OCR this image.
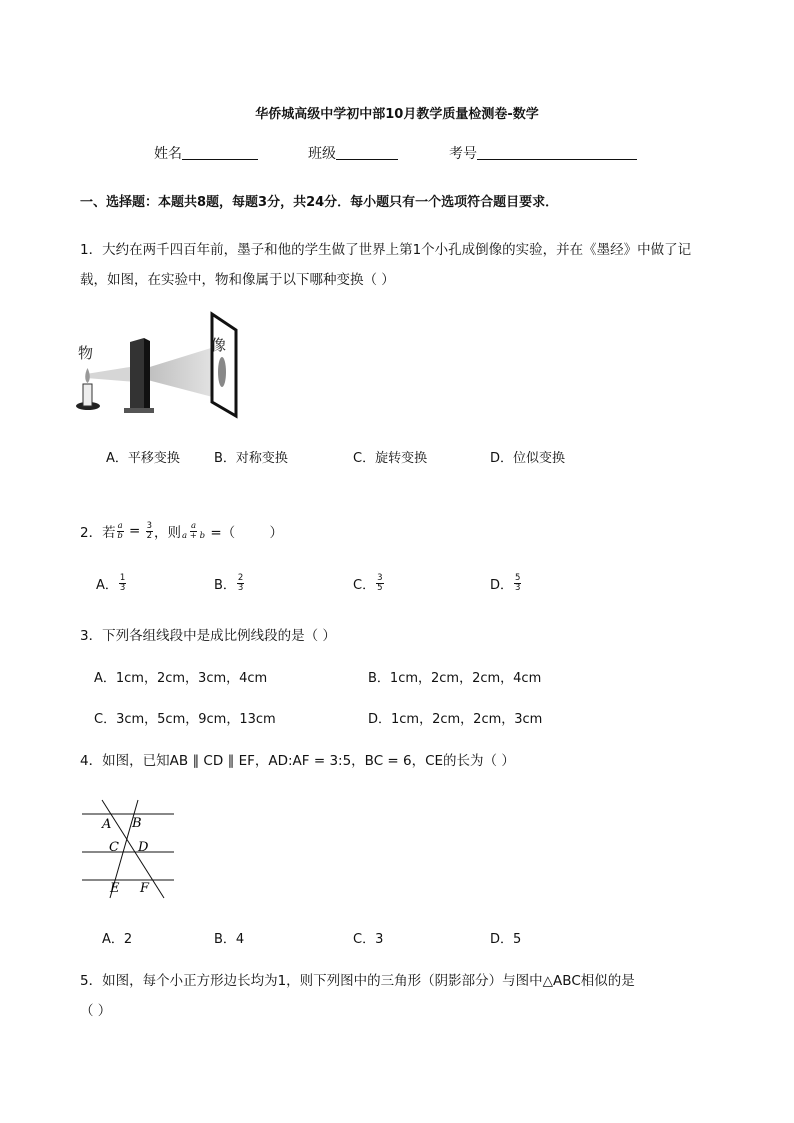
华侨城高级中学初中部10月教学质量检测卷-数学
姓名	班级	考号
一、选择题：本题共8题，每题3分，共24分．每小题只有一个选项符合题目要求．
1．大约在两千四百年前，墨子和他的学生做了世界上第1个小孔成倒像的实验，并在《墨经》中做了记
载，如图，在实验中，物和像属于以下哪种变换（ ）
物	像
A．平移变换	B．对称变换	C．旋转变换	D．位似变换
2．若 $\frac{a}{b} = \frac{3}{2}$ ，则 $\frac{a}{a + b}$ =（        ）
A． $\frac{1}{3}$	B． $\frac{2}{3}$	C． $\frac{3}{5}$	D． $\frac{5}{3}$
3．下列各组线段中是成比例线段的是（ ）
A．1cm，2cm，3cm，4cm	B．1cm，2cm，2cm，4cm
C．3cm，5cm，9cm，13cm	D．1cm，2cm，2cm，3cm
4．如图，已知AB ∥ CD ∥ EF，AD:AF = 3:5，BC = 6，CE的长为（ ）
A B
C D
E F
A．2	B．4	C．3	D．5
5．如图，每个小正方形边长均为1，则下列图中的三角形（阴影部分）与图中△ABC相似的是
（ ）
